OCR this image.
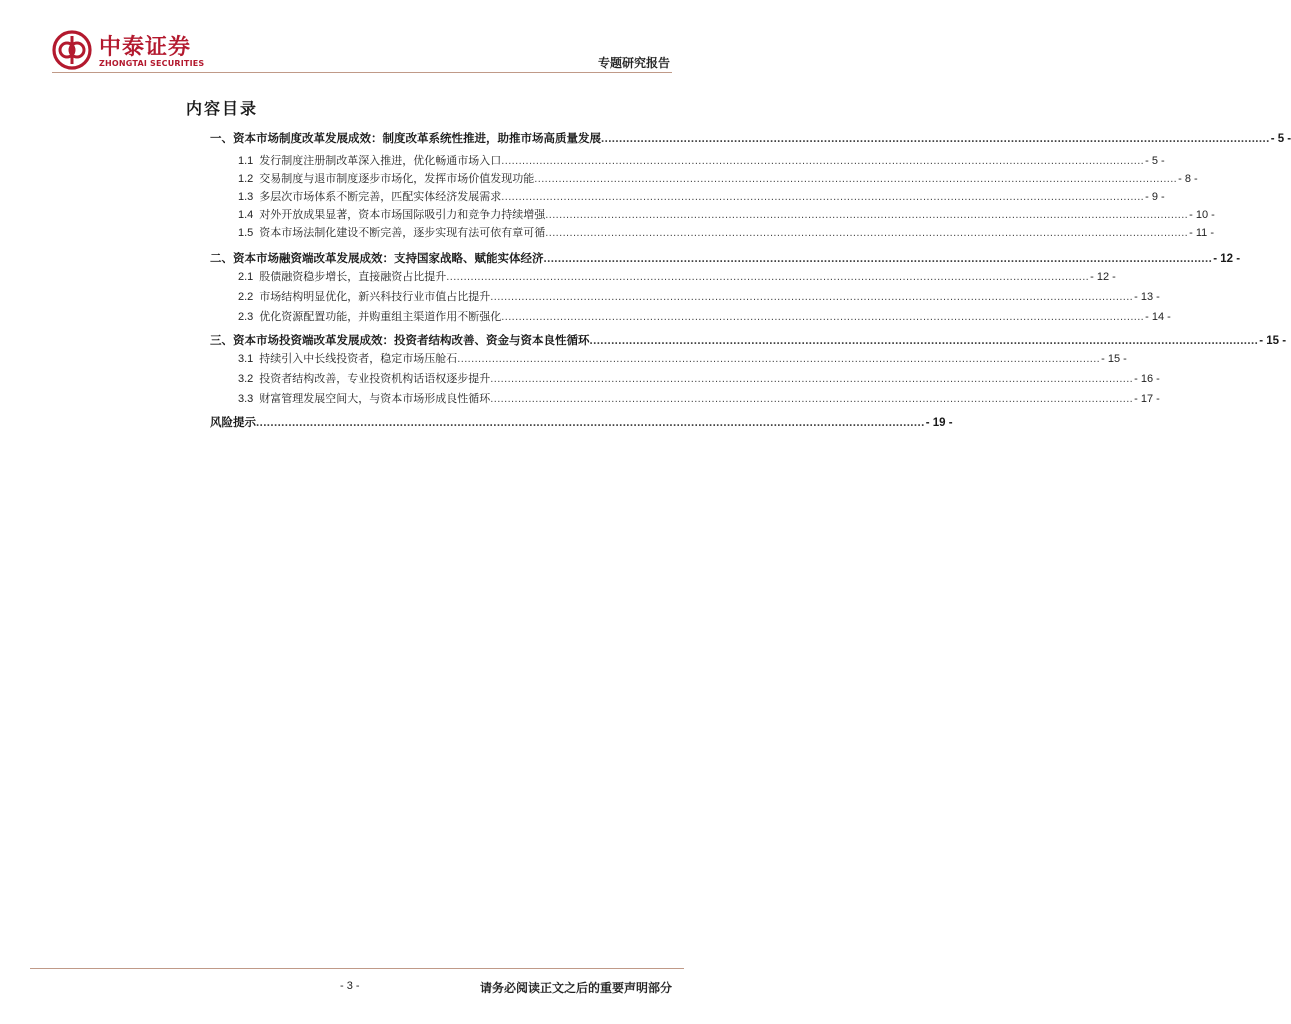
中泰证券
ZHONGTAI SECURITIES	专题研究报告
内容目录
一、资本市场制度改革发展成效：制度改革系统性推进，助推市场高质量发展 .....	- 5 -
1.1 发行制度注册制改革深入推进，优化畅通市场入口 .....	- 5 -
1.2 交易制度与退市制度逐步市场化，发挥市场价值发现功能 .....	- 8 -
1.3 多层次市场体系不断完善，匹配实体经济发展需求 .....	- 9 -
1.4 对外开放成果显著，资本市场国际吸引力和竞争力持续增强 .....	- 10 -
1.5 资本市场法制化建设不断完善，逐步实现有法可依有章可循 .....	- 11 -
二、资本市场融资端改革发展成效：支持国家战略、赋能实体经济 .....	- 12 -
2.1 股债融资稳步增长，直接融资占比提升 .....	- 12 -
2.2 市场结构明显优化，新兴科技行业市值占比提升 .....	- 13 -
2.3 优化资源配置功能，并购重组主渠道作用不断强化 .....	- 14 -
三、资本市场投资端改革发展成效：投资者结构改善、资金与资本良性循环 .....	- 15 -
3.1 持续引入中长线投资者，稳定市场压舱石 .....	- 15 -
3.2 投资者结构改善，专业投资机构话语权逐步提升 .....	- 16 -
3.3 财富管理发展空间大，与资本市场形成良性循环 .....	- 17 -
风险提示 .....	- 19 -
- 3 -	请务必阅读正文之后的重要声明部分
